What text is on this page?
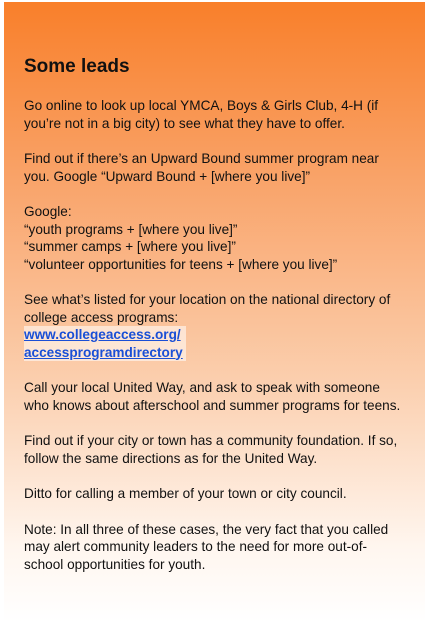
Some leads
Go online to look up local YMCA, Boys & Girls Club, 4-H (if you’re not in a big city) to see what they have to offer.
Find out if there’s an Upward Bound summer program near you. Google “Upward Bound + [where you live]”
Google:
“youth programs + [where you live]”
“summer camps + [where you live]”
“volunteer opportunities for teens + [where you live]”
See what’s listed for your location on the national directory of college access programs:
www.collegeaccess.org/
accessprogramdirectory
Call your local United Way, and ask to speak with someone who knows about afterschool and summer programs for teens.
Find out if your city or town has a community foundation. If so, follow the same directions as for the United Way.
Ditto for calling a member of your town or city council.
Note: In all three of these cases, the very fact that you called may alert community leaders to the need for more out-of-school opportunities for youth.
